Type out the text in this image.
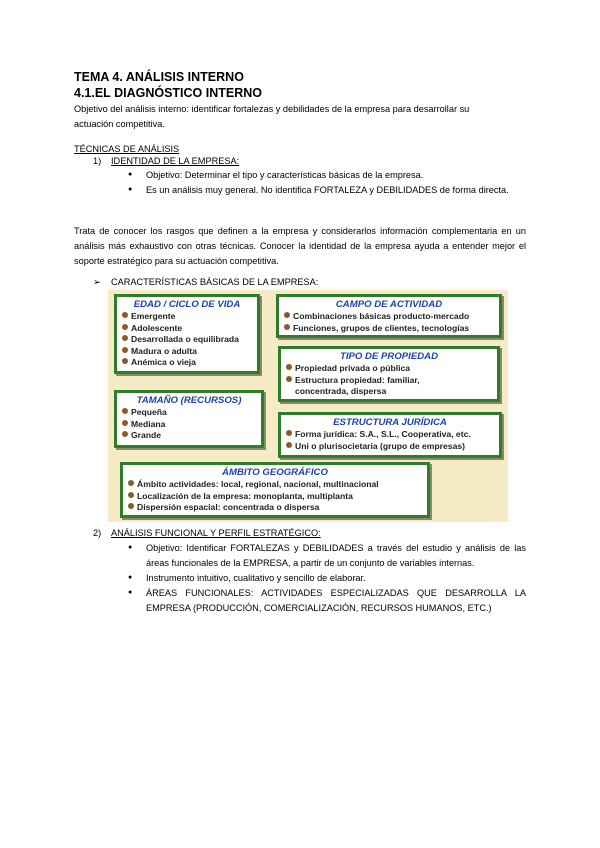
TEMA 4. ANÁLISIS INTERNO
4.1.EL DIAGNÓSTICO INTERNO
Objetivo del análisis interno: identificar fortalezas y debilidades de la empresa para desarrollar su
actuación competitiva.
TÉCNICAS DE ANÁLISIS
1) IDENTIDAD DE LA EMPRESA:
● Objetivo: Determinar el tipo y características básicas de la empresa.
● Es un análisis muy general. No identifica FORTALEZA y DEBILIDADES de forma directa.
Trata de conocer los rasgos que definen a la empresa y considerarlos información complementaria en un análisis más exhaustivo con otras técnicas. Conocer la identidad de la empresa ayuda a entender mejor el soporte estratégico para su actuación competitiva.
➢ CARACTERÍSTICAS BÁSICAS DE LA EMPRESA:
EDAD / CICLO DE VIDA
Emergente
Adolescente
Desarrollada o equilibrada
Madura o adulta
Anémica o vieja
CAMPO DE ACTIVIDAD
Combinaciones básicas producto-mercado
Funciones, grupos de clientes, tecnologías
TIPO DE PROPIEDAD
Propiedad privada o pública
Estructura propiedad: familiar,
concentrada, dispersa
TAMAÑO (RECURSOS)
Pequeña
Mediana
Grande
ESTRUCTURA JURÍDICA
Forma jurídica: S.A., S.L., Cooperativa, etc.
Uni o plurisocietaria (grupo de empresas)
ÁMBITO GEOGRÁFICO
Ámbito actividades: local, regional, nacional, multinacional
Localización de la empresa: monoplanta, multiplanta
Dispersión espacial: concentrada o dispersa
2) ANÁLISIS FUNCIONAL Y PERFIL ESTRATÉGICO:
● Objetivo: Identificar FORTALEZAS y DEBILIDADES a través del estudio y análisis de las áreas funcionales de la EMPRESA, a partir de un conjunto de variables internas.
● Instrumento intuitivo, cualitativo y sencillo de elaborar.
● ÁREAS FUNCIONALES: ACTIVIDADES ESPECIALIZADAS QUE DESARROLLA LA EMPRESA (PRODUCCIÓN, COMERCIALIZACIÓN, RECURSOS HUMANOS, ETC.)
